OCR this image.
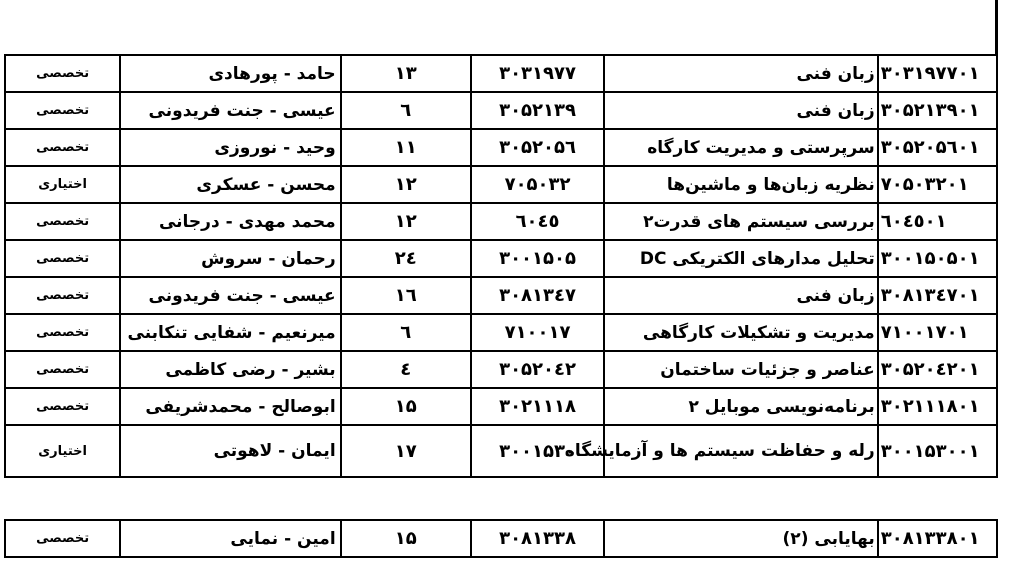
تخصصی	حامد - پورهادی	۱۳	۳۰۳۱۹۷۷	زبان فنی	۳۰۳۱۹۷۷۰۱
تخصصی	عیسی - جنت فریدونی	٦	۳۰۵۲۱۳۹	زبان فنی	۳۰۵۲۱۳۹۰۱
تخصصی	وحید - نوروزی	۱۱	۳۰۵۲۰۵٦	سرپرستی و مدیریت کارگاه	۳۰۵۲۰۵٦۰۱
اختیاری	محسن - عسکری	۱۲	۷۰۵۰۳۲	نظریه زبان‌ها و ماشین‌ها	۷۰۵۰۳۲۰۱
تخصصی	محمد مهدی - درجانی	۱۲	٦۰٤٥	بررسی سیستم های قدرت۲	٦۰٤٥۰۱
تخصصی	رحمان - سروش	۲٤	۳۰۰۱۵۰۵	تحلیل مدارهای الکتریکی DC	۳۰۰۱۵۰۵۰۱
تخصصی	عیسی - جنت فریدونی	۱٦	۳۰۸۱۳٤۷	زبان فنی	۳۰۸۱۳٤۷۰۱
تخصصی	میرنعیم - شفایی تنکابنی	٦	۷۱۰۰۱۷	مدیریت و تشکیلات کارگاهی	۷۱۰۰۱۷۰۱
تخصصی	بشیر - رضی کاظمی	٤	۳۰۵۲۰٤۲	عناصر و جزئیات ساختمان	۳۰۵۲۰٤۲۰۱
تخصصی	ابوصالح - محمدشریفی	۱۵	۳۰۲۱۱۱۸	برنامه‌نویسی موبایل ۲	۳۰۲۱۱۱۸۰۱
اختیاری	ایمان - لاهوتی	۱۷	۳۰۰۱۵۳۰	رله و حفاظت سیستم ها و آزمایشگاه	۳۰۰۱۵۳۰۰۱
تخصصی	امین - نمایی	۱۵	۳۰۸۱۳۳۸	بهایابی (۲)	۳۰۸۱۳۳۸۰۱
